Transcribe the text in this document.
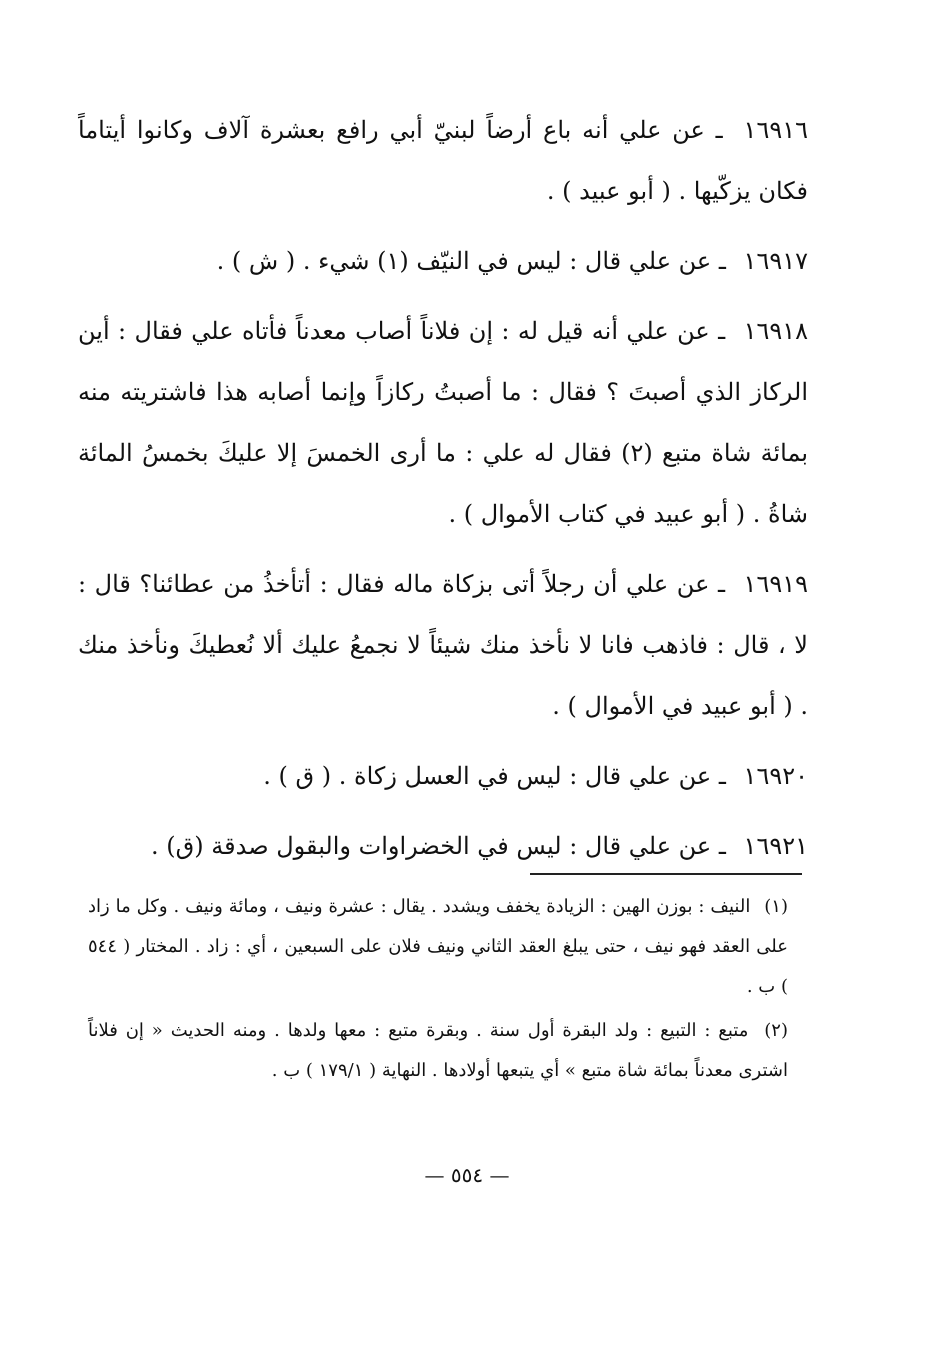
١٦٩١٦ ـ عن علي أنه باع أرضاً لبنيّ أبي رافع بعشرة آلاف وكانوا أيتاماً فكان يزكّيها . ( أبو عبيد ) .

١٦٩١٧ ـ عن علي قال : ليس في النيّف (١) شيء . ( ش ) .

١٦٩١٨ ـ عن علي أنه قيل له : إن فلاناً أصاب معدناً فأتاه علي فقال : أين الركاز الذي أصبتَ ؟ فقال : ما أصبتُ ركازاً وإنما أصابه هذا فاشتريته منه بمائة شاة متبع (٢) فقال له علي : ما أرى الخمسَ إلا عليكَ بخمسُ المائة شاةُ . ( أبو عبيد في كتاب الأموال ) .

١٦٩١٩ ـ عن علي أن رجلاً أتى بزكاة ماله فقال : أتأخذُ من عطائنا؟ قال : لا ، قال : فاذهب فانا لا نأخذ منك شيئاً لا نجمعُ عليك ألا نُعطيكَ ونأخذ منك . ( أبو عبيد في الأموال ) .

١٦٩٢٠ ـ عن علي قال : ليس في العسل زكاة . ( ق ) .

١٦٩٢١ ـ عن علي قال : ليس في الخضراوات والبقول صدقة (ق) .

(١) النيف : بوزن الهين : الزيادة يخفف ويشدد . يقال : عشرة ونيف ، ومائة ونيف . وكل ما زاد على العقد فهو نيف ، حتى يبلغ العقد الثاني ونيف فلان على السبعين ، أي : زاد . المختار ( ٥٤٤ ) ب .

(٢) متبع : التبيع : ولد البقرة أول سنة . وبقرة متبع : معها ولدها . ومنه الحديث « إن فلاناً اشترى معدناً بمائة شاة متبع » أي يتبعها أولادها . النهاية ( ١٧٩/١ ) ب .

— ٥٥٤ —
